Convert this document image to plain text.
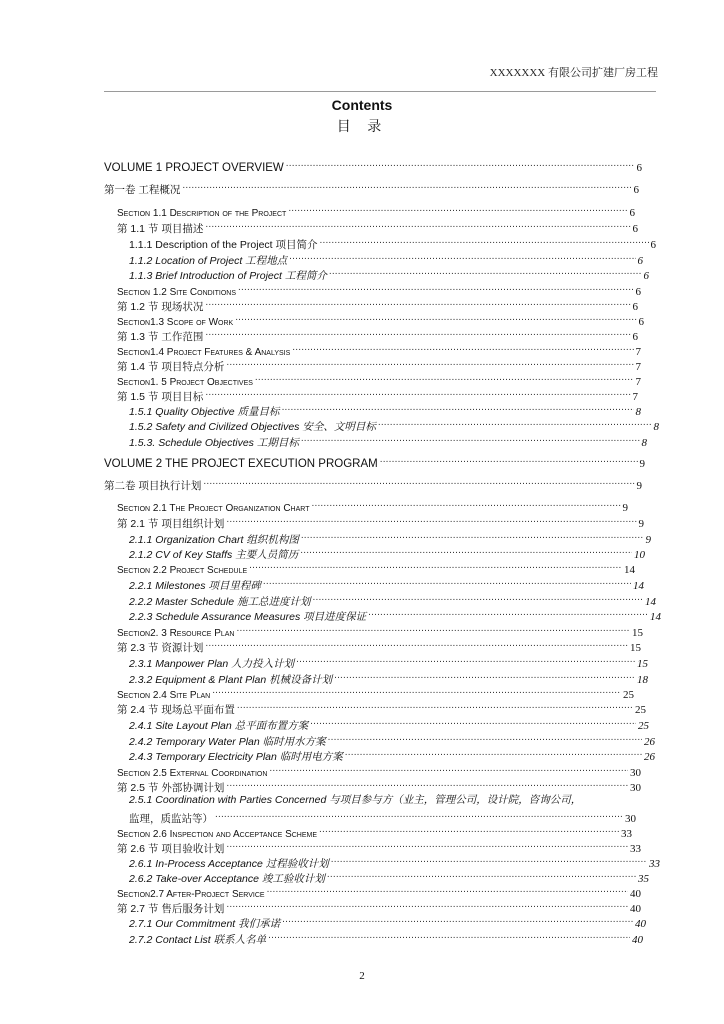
XXXXXXX 有限公司扩建厂房工程
Contents
目 录
VOLUME 1 PROJECT OVERVIEW .....	6
第一卷 工程概况 .....	6
Section 1.1 Description of the Project .....	6
第 1.1 节 项目描述 .....	6
1.1.1 Description of the Project 项目简介 .....	6
1.1.2 Location of Project 工程地点 .....	6
1.1.3 Brief Introduction of Project 工程简介 .....	6
Section 1.2 Site Conditions .....	6
第 1.2 节 现场状况 .....	6
Section1.3 Scope of Work .....	6
第 1.3 节 工作范围 .....	6
Section1.4 Project Features & Analysis .....	7
第 1.4 节 项目特点分析 .....	7
Section1. 5 Project Objectives .....	7
第 1.5 节 项目目标 .....	7
1.5.1 Quality Objective 质量目标 .....	8
1.5.2 Safety and Civilized Objectives 安全、文明目标 .....	8
1.5.3. Schedule Objectives 工期目标 .....	8
VOLUME 2 THE PROJECT EXECUTION PROGRAM .....	9
第二卷 项目执行计划 .....	9
Section 2.1 The Project Organization Chart .....	9
第 2.1 节 项目组织计划 .....	9
2.1.1 Organization Chart 组织机构图 .....	9
2.1.2 CV of Key Staffs 主要人员简历 .....	10
Section 2.2 Project Schedule .....	14
2.2.1 Milestones 项目里程碑 .....	14
2.2.2 Master Schedule 施工总进度计划 .....	14
2.2.3 Schedule Assurance Measures 项目进度保证 .....	14
Section2. 3 Resource Plan .....	15
第 2.3 节 资源计划 .....	15
2.3.1 Manpower Plan 人力投入计划 .....	15
2.3.2 Equipment & Plant Plan 机械设备计划 .....	18
Section 2.4 Site Plan .....	25
第 2.4 节 现场总平面布置 .....	25
2.4.1 Site Layout Plan 总平面布置方案 .....	25
2.4.2 Temporary Water Plan 临时用水方案 .....	26
2.4.3 Temporary Electricity Plan 临时用电方案 .....	26
Section 2.5 External Coordination .....	30
第 2.5 节 外部协调计划 .....	30
2.5.1 Coordination with Parties Concerned 与项目参与方（业主，管理公司，设计院，咨询公司，
监理，质监站等） .....	30
Section 2.6 Inspection and Acceptance Scheme .....	33
第 2.6 节 项目验收计划 .....	33
2.6.1 In-Process Acceptance 过程验收计划 .....	33
2.6.2 Take-over Acceptance 竣工验收计划 .....	35
Section2.7 After-Project Service .....	40
第 2.7 节 售后服务计划 .....	40
2.7.1 Our Commitment 我们承诺 .....	40
2.7.2 Contact List 联系人名单 .....	40
2
